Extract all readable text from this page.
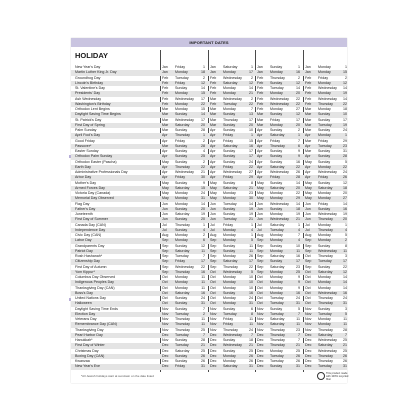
IMPORTANT DATES
HOLIDAY
New Year's Day	Jan	Friday	1 Jan	Saturday	1 Jan	Sunday	1 Jan	Monday	1
Martin Luther King Jr. Day	Jan	Monday	18 Jan	Monday	17 Jan	Monday	16 Jan	Monday	15
Groundhog Day	Feb	Tuesday	2 Feb	Wednesday	2 Feb	Thursday	2 Feb	Friday	2
Lincoln's Birthday	Feb	Friday	12 Feb	Saturday	12 Feb	Sunday	12 Feb	Monday	12
St. Valentine's Day	Feb	Sunday	14 Feb	Monday	14 Feb	Tuesday	14 Feb	Wednesday	14
Presidents' Day	Feb	Monday	15 Feb	Monday	21 Feb	Monday	20 Feb	Monday	19
Ash Wednesday	Feb	Wednesday	17 Mar	Wednesday	2 Feb	Wednesday	22 Feb	Wednesday	14
Washington's Birthday	Feb	Monday	22 Feb	Tuesday	22 Feb	Wednesday	22 Feb	Thursday	22
Orthodox Lent Begins	Mar	Monday	15 Mar	Monday	7 Feb	Monday	27 Mar	Monday	18
Daylight Saving Time Begins	Mar	Sunday	14 Mar	Sunday	13 Mar	Sunday	12 Mar	Sunday	10
St. Patrick's Day	Mar	Wednesday	17 Mar	Thursday	17 Mar	Friday	17 Mar	Sunday	17
First Day of Spring	Mar	Saturday	20 Mar	Sunday	20 Mar	Monday	20 Mar	Tuesday	19
Palm Sunday	Mar	Sunday	28 Apr	Sunday	10 Apr	Sunday	2 Mar	Sunday	24
April Fool's Day	Apr	Thursday	1 Apr	Friday	1 Apr	Saturday	1 Apr	Monday	1
Good Friday	Apr	Friday	2 Apr	Friday	15 Apr	Friday	7 Mar	Friday	29
Passover*	Mar	Sunday	28 Apr	Saturday	16 Apr	Thursday	6 Apr	Tuesday	23
Easter Sunday	Apr	Sunday	4 Apr	Sunday	17 Apr	Sunday	9 Mar	Sunday	31
Orthodox Palm Sunday	Apr	Sunday	25 Apr	Sunday	17 Apr	Sunday	9 Apr	Sunday	28
Orthodox Easter (Pascha)	May	Sunday	2 Apr	Sunday	24 Apr	Sunday	16 May	Sunday	5
Earth Day	Apr	Thursday	22 Apr	Friday	22 Apr	Saturday	22 Apr	Monday	22
Administrative Professionals Day	Apr	Wednesday	21 Apr	Wednesday	27 Apr	Wednesday	26 Apr	Wednesday	24
Arbor Day	Apr	Friday	30 Apr	Friday	29 Apr	Friday	28 Apr	Friday	26
Mother's Day	May	Sunday	9 May	Sunday	8 May	Sunday	14 May	Sunday	12
Armed Forces Day	May	Saturday	15 May	Saturday	21 May	Saturday	20 May	Saturday	18
Victoria Day (Canada)	May	Monday	24 May	Monday	23 May	Monday	22 May	Monday	20
Memorial Day Observed	May	Monday	31 May	Monday	30 May	Monday	29 May	Monday	27
Flag Day	Jun	Monday	14 Jun	Tuesday	14 Jun	Wednesday	14 Jun	Friday	14
Father's Day	Jun	Sunday	20 Jun	Sunday	19 Jun	Sunday	18 Jun	Sunday	16
Juneteenth	Jun	Saturday	19 Jun	Sunday	19 Jun	Monday	19 Jun	Wednesday	19
First Day of Summer	Jun	Sunday	20 Jun	Tuesday	21 Jun	Wednesday	21 Jun	Thursday	20
Canada Day (CAN)	Jul	Thursday	1 Jul	Friday	1 Jul	Saturday	1 Jul	Monday	1
Independence Day	Jul	Sunday	4 Jul	Monday	4 Jul	Tuesday	4 Jul	Thursday	4
Civic Day (CAN)	Aug	Monday	2 Aug	Monday	1 Aug	Monday	7 Aug	Monday	5
Labor Day	Sep	Monday	6 Sep	Monday	5 Sep	Monday	4 Sep	Monday	2
Grandparents Day	Sep	Sunday	12 Sep	Sunday	11 Sep	Sunday	10 Sep	Sunday	8
Patriot Day	Sep	Saturday	11 Sep	Sunday	11 Sep	Monday	11 Sep	Wednesday	11
Rosh Hashanah*	Sep	Tuesday	7 Sep	Monday	26 Sep	Saturday	16 Oct	Thursday	3
Citizenship Day	Sep	Friday	17 Sep	Saturday	17 Sep	Sunday	17 Sep	Tuesday	17
First Day of Autumn	Sep	Wednesday	22 Sep	Thursday	22 Sep	Saturday	23 Sep	Sunday	22
Yom Kippur*	Sep	Thursday	16 Oct	Wednesday	5 Sep	Monday	25 Oct	Saturday	12
Columbus Day Observed	Oct	Monday	11 Oct	Monday	10 Oct	Monday	9 Oct	Monday	14
Indigenous Peoples Day	Oct	Monday	11 Oct	Monday	10 Oct	Monday	9 Oct	Monday	14
Thanksgiving Day (CAN)	Oct	Monday	11 Oct	Monday	10 Oct	Monday	9 Oct	Monday	14
Boss's Day	Oct	Saturday	16 Oct	Sunday	16 Oct	Monday	16 Oct	Wednesday	16
United Nations Day	Oct	Sunday	24 Oct	Monday	24 Oct	Tuesday	24 Oct	Thursday	24
Halloween	Oct	Sunday	31 Oct	Monday	31 Oct	Tuesday	31 Oct	Thursday	31
Daylight Saving Time Ends	Nov	Sunday	7 Nov	Sunday	6 Nov	Sunday	5 Nov	Sunday	3
Election Day	Nov	Tuesday	2 Nov	Tuesday	8 Nov	Tuesday	7 Nov	Tuesday	5
Veterans Day	Nov	Thursday	11 Nov	Friday	11 Nov	Saturday	11 Nov	Monday	11
Remembrance Day (CAN)	Nov	Thursday	11 Nov	Friday	11 Nov	Saturday	11 Nov	Monday	11
Thanksgiving Day	Nov	Thursday	25 Nov	Thursday	24 Nov	Thursday	23 Nov	Thursday	28
Pearl Harbor Day	Dec	Tuesday	7 Dec	Wednesday	7 Dec	Thursday	7 Dec	Saturday	7
Hanukkah*	Nov	Sunday	28 Dec	Sunday	18 Dec	Thursday	7 Dec	Wednesday	25
First Day of Winter	Dec	Tuesday	21 Dec	Wednesday	21 Dec	Thursday	21 Dec	Saturday	21
Christmas Day	Dec	Saturday	25 Dec	Sunday	25 Dec	Monday	25 Dec	Wednesday	25
Boxing Day (CAN)	Dec	Sunday	26 Dec	Monday	26 Dec	Tuesday	26 Dec	Thursday	26
Kwanzaa	Dec	Sunday	26 Dec	Monday	26 Dec	Tuesday	26 Dec	Thursday	26
New Year's Eve	Dec	Friday	31 Dec	Saturday	31 Dec	Sunday	31 Dec	Tuesday	31
*All Jewish holidays start at sundown on the date listed
This product made
with 100% recycled
fiber
